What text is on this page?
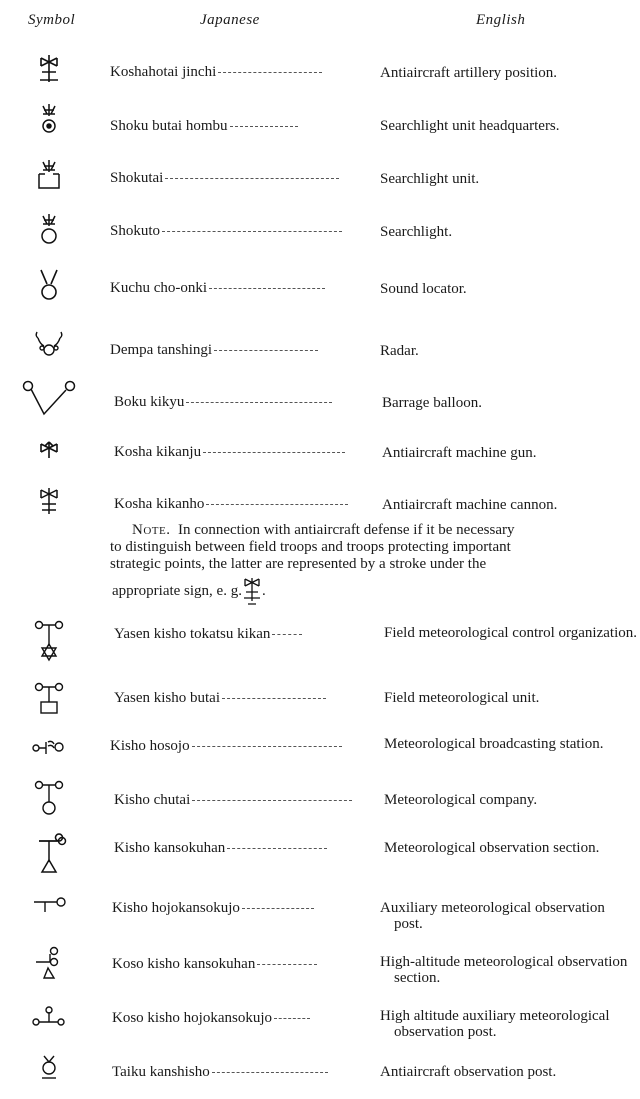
Symbol	Japanese	English
Koshahotai jinchi	Antiaircraft artillery position.
Shoku butai hombu	Searchlight unit headquarters.
Shokutai	Searchlight unit.
Shokuto	Searchlight.
Kuchu cho-onki	Sound locator.
Dempa tanshingi	Radar.
Boku kikyu	Barrage balloon.
Kosha kikanju	Antiaircraft machine gun.
Kosha kikanho	Antiaircraft machine cannon.
Note. In connection with antiaircraft defense if it be necessary
to distinguish between field troops and troops protecting important
strategic points, the latter are represented by a stroke under the
appropriate sign, e. g. .
Yasen kisho tokatsu kikan	Field meteorological control organization.
Yasen kisho butai	Field meteorological unit.
Kisho hosojo	Meteorological broadcasting station.
Kisho chutai	Meteorological company.
Kisho kansokuhan	Meteorological observation section.
Kisho hojokansokujo	Auxiliary meteorological observation post.
Koso kisho kansokuhan	High-altitude meteorological observation section.
Koso kisho hojokansokujo	High altitude auxiliary meteorological observation post.
Taiku kanshisho	Antiaircraft observation post.
